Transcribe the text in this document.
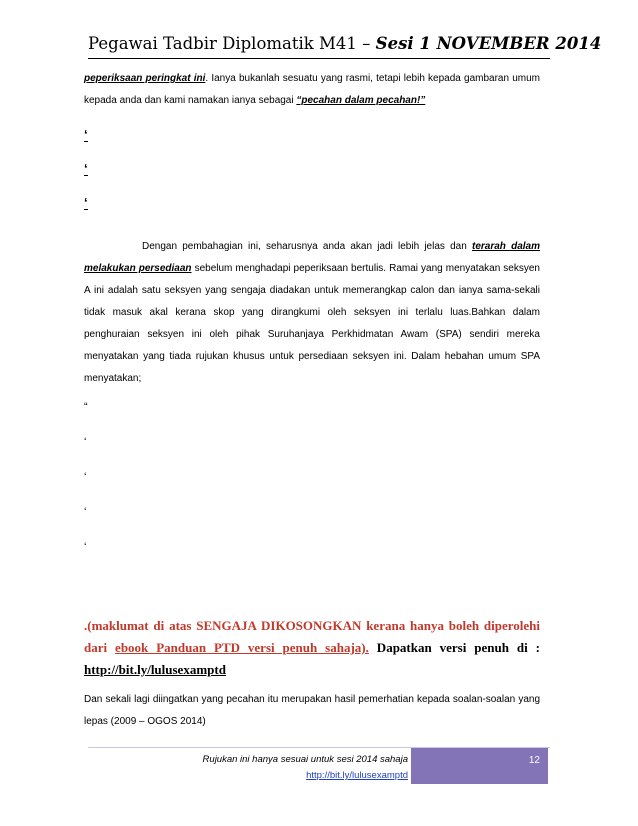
Pegawai Tadbir Diplomatik M41 – Sesi 1 NOVEMBER 2014

peperiksaan peringkat ini. Ianya bukanlah sesuatu yang rasmi, tetapi lebih kepada gambaran umum kepada anda dan kami namakan ianya sebagai “pecahan dalam pecahan!”

‘
‘
‘

Dengan pembahagian ini, seharusnya anda akan jadi lebih jelas dan terarah dalam melakukan persediaan sebelum menghadapi peperiksaan bertulis. Ramai yang menyatakan seksyen A ini adalah satu seksyen yang sengaja diadakan untuk memerangkap calon dan ianya sama-sekali tidak masuk akal kerana skop yang dirangkumi oleh seksyen ini terlalu luas.Bahkan dalam penghuraian seksyen ini oleh pihak Suruhanjaya Perkhidmatan Awam (SPA) sendiri mereka menyatakan yang tiada rujukan khusus untuk persediaan seksyen ini. Dalam hebahan umum SPA menyatakan;

“
‘
‘
‘
‘

.(maklumat di atas SENGAJA DIKOSONGKAN kerana hanya boleh diperolehi dari ebook Panduan PTD versi penuh sahaja). Dapatkan versi penuh di : http://bit.ly/lulusexamptd

Dan sekali lagi diingatkan yang pecahan itu merupakan hasil pemerhatian kepada soalan-soalan yang lepas (2009 – OGOS 2014)

Rujukan ini hanya sesuai untuk sesi 2014 sahaja
http://bit.ly/lulusexamptd
12
